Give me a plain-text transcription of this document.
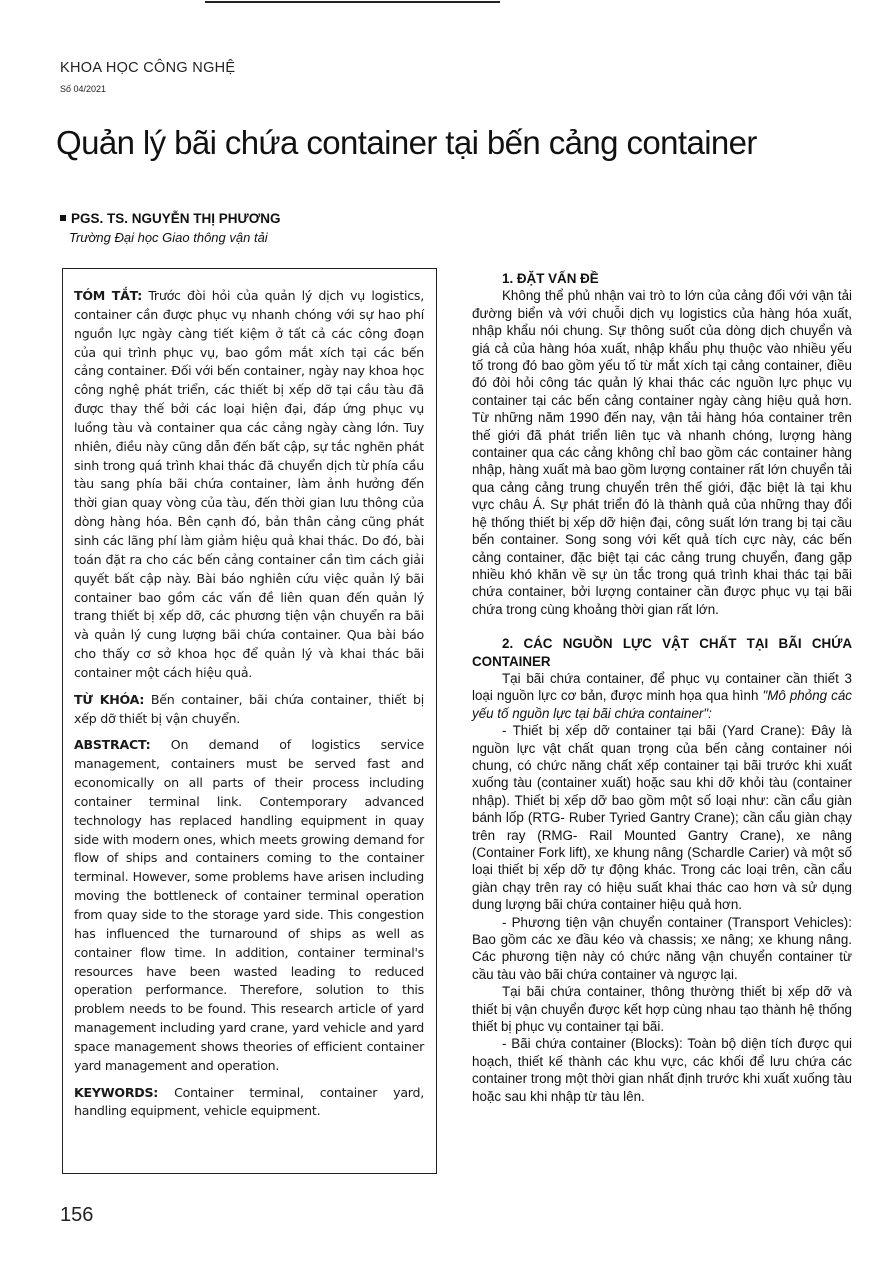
KHOA HỌC CÔNG NGHỆ
Số 04/2021
Quản lý bãi chứa container tại bến cảng container
PGS. TS. NGUYỄN THỊ PHƯƠNG
Trường Đại học Giao thông vận tải

TÓM TẮT: Trước đòi hỏi của quản lý dịch vụ logistics, container cần được phục vụ nhanh chóng với sự hao phí nguồn lực ngày càng tiết kiệm ở tất cả các công đoạn của qui trình phục vụ, bao gồm mắt xích tại các bến cảng container. Đối với bến container, ngày nay khoa học công nghệ phát triển, các thiết bị xếp dỡ tại cầu tàu đã được thay thế bởi các loại hiện đại, đáp ứng phục vụ luồng tàu và container qua các cảng ngày càng lớn. Tuy nhiên, điều này cũng dẫn đến bất cập, sự tắc nghẽn phát sinh trong quá trình khai thác đã chuyển dịch từ phía cầu tàu sang phía bãi chứa container, làm ảnh hưởng đến thời gian quay vòng của tàu, đến thời gian lưu thông của dòng hàng hóa. Bên cạnh đó, bản thân cảng cũng phát sinh các lãng phí làm giảm hiệu quả khai thác. Do đó, bài toán đặt ra cho các bến cảng container cần tìm cách giải quyết bất cập này. Bài báo nghiên cứu việc quản lý bãi container bao gồm các vấn đề liên quan đến quản lý trang thiết bị xếp dỡ, các phương tiện vận chuyển ra bãi và quản lý cung lượng bãi chứa container. Qua bài báo cho thấy cơ sở khoa học để quản lý và khai thác bãi container một cách hiệu quả.

TỪ KHÓA: Bến container, bãi chứa container, thiết bị xếp dỡ thiết bị vận chuyển.

ABSTRACT: On demand of logistics service management, containers must be served fast and economically on all parts of their process including container terminal link. Contemporary advanced technology has replaced handling equipment in quay side with modern ones, which meets growing demand for flow of ships and containers coming to the container terminal. However, some problems have arisen including moving the bottleneck of container terminal operation from quay side to the storage yard side. This congestion has influenced the turnaround of ships as well as container flow time. In addition, container terminal's resources have been wasted leading to reduced operation performance. Therefore, solution to this problem needs to be found. This research article of yard management including yard crane, yard vehicle and yard space management shows theories of efficient container yard management and operation.

KEYWORDS: Container terminal, container yard, handling equipment, vehicle equipment.

1. ĐẶT VẤN ĐỀ

Không thể phủ nhận vai trò to lớn của cảng đối với vận tải đường biển và với chuỗi dịch vụ logistics của hàng hóa xuất, nhập khẩu nói chung. Sự thông suốt của dòng dịch chuyển và giá cả của hàng hóa xuất, nhập khẩu phụ thuộc vào nhiều yếu tố trong đó bao gồm yếu tố từ mắt xích tại cảng container, điều đó đòi hỏi công tác quản lý khai thác các nguồn lực phục vụ container tại các bến cảng container ngày càng hiệu quả hơn. Từ những năm 1990 đến nay, vận tải hàng hóa container trên thế giới đã phát triển liên tục và nhanh chóng, lượng hàng container qua các cảng không chỉ bao gồm các container hàng nhập, hàng xuất mà bao gồm lượng container rất lớn chuyển tải qua cảng cảng trung chuyển trên thế giới, đặc biệt là tại khu vực châu Á. Sự phát triển đó là thành quả của những thay đổi hệ thống thiết bị xếp dỡ hiện đại, công suất lớn trang bị tại cầu bến container. Song song với kết quả tích cực này, các bến cảng container, đặc biệt tại các cảng trung chuyển, đang gặp nhiều khó khăn về sự ùn tắc trong quá trình khai thác tại bãi chứa container, bởi lượng container cần được phục vụ tại bãi chứa trong cùng khoảng thời gian rất lớn.

2. CÁC NGUỒN LỰC VẬT CHẤT TẠI BÃI CHỨA CONTAINER

Tại bãi chứa container, để phục vụ container cần thiết 3 loại nguồn lực cơ bản, được minh họa qua hình "Mô phỏng các yếu tố nguồn lực tại bãi chứa container":

- Thiết bị xếp dỡ container tại bãi (Yard Crane): Đây là nguồn lực vật chất quan trọng của bến cảng container nói chung, có chức năng chất xếp container tại bãi trước khi xuất xuống tàu (container xuất) hoặc sau khi dỡ khỏi tàu (container nhập). Thiết bị xếp dỡ bao gồm một số loại như: cần cẩu giàn bánh lốp (RTG- Ruber Tyried Gantry Crane); cần cẩu giàn chạy trên ray (RMG- Rail Mounted Gantry Crane), xe nâng (Container Fork lift), xe khung nâng (Schardle Carier) và một số loại thiết bị xếp dỡ tự động khác. Trong các loại trên, cần cẩu giàn chạy trên ray có hiệu suất khai thác cao hơn và sử dụng dung lượng bãi chứa container hiệu quả hơn.

- Phương tiện vận chuyển container (Transport Vehicles): Bao gồm các xe đầu kéo và chassis; xe nâng; xe khung nâng. Các phương tiện này có chức năng vận chuyển container từ cầu tàu vào bãi chứa container và ngược lại.

Tại bãi chứa container, thông thường thiết bị xếp dỡ và thiết bị vận chuyển được kết hợp cùng nhau tạo thành hệ thống thiết bị phục vụ container tại bãi.

- Bãi chứa container (Blocks): Toàn bộ diện tích được qui hoạch, thiết kế thành các khu vực, các khối để lưu chứa các container trong một thời gian nhất định trước khi xuất xuống tàu hoặc sau khi nhập từ tàu lên.

156
